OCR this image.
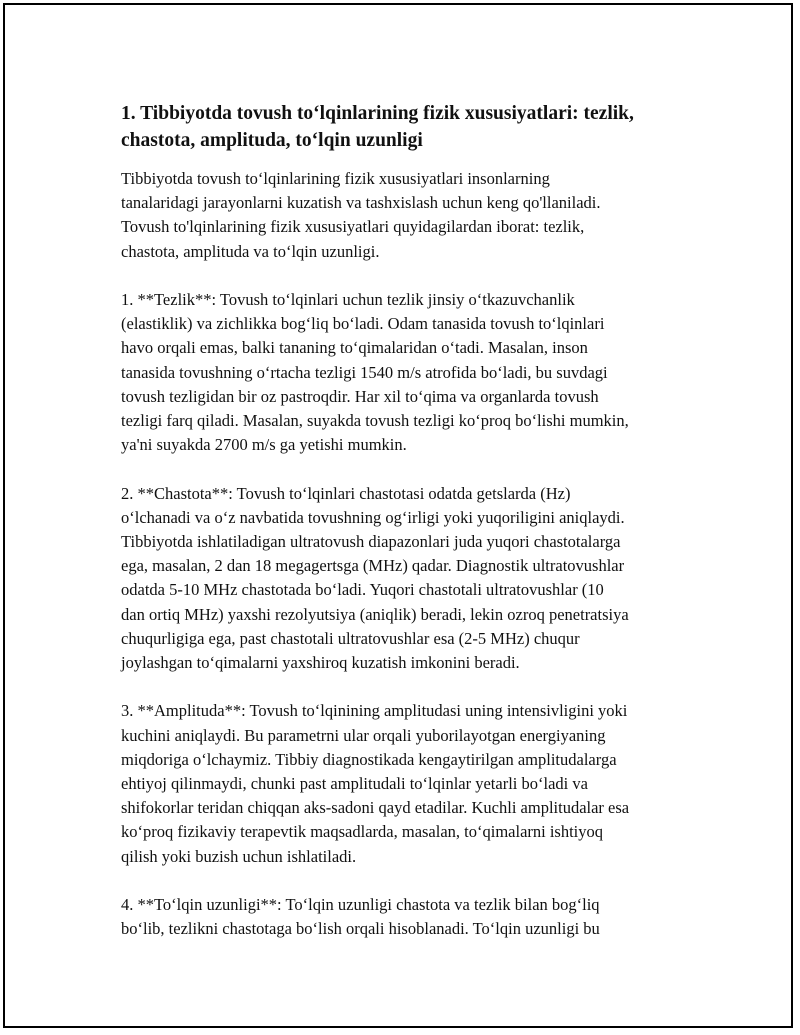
1. Tibbiyotda tovush to‘lqinlarining fizik xususiyatlari: tezlik,
chastota, amplituda, to‘lqin uzunligi

Tibbiyotda tovush to‘lqinlarining fizik xususiyatlari insonlarning
tanalaridagi jarayonlarni kuzatish va tashxislash uchun keng qo'llaniladi.
Tovush to'lqinlarining fizik xususiyatlari quyidagilardan iborat: tezlik,
chastota, amplituda va to‘lqin uzunligi.

1. **Tezlik**: Tovush to‘lqinlari uchun tezlik jinsiy o‘tkazuvchanlik
(elastiklik) va zichlikka bog‘liq bo‘ladi. Odam tanasida tovush to‘lqinlari
havo orqali emas, balki tananing to‘qimalaridan o‘tadi. Masalan, inson
tanasida tovushning o‘rtacha tezligi 1540 m/s atrofida bo‘ladi, bu suvdagi
tovush tezligidan bir oz pastroqdir. Har xil to‘qima va organlarda tovush
tezligi farq qiladi. Masalan, suyakda tovush tezligi ko‘proq bo‘lishi mumkin,
ya'ni suyakda 2700 m/s ga yetishi mumkin.

2. **Chastota**: Tovush to‘lqinlari chastotasi odatda getslarda (Hz)
o‘lchanadi va o‘z navbatida tovushning og‘irligi yoki yuqoriligini aniqlaydi.
Tibbiyotda ishlatiladigan ultratovush diapazonlari juda yuqori chastotalarga
ega, masalan, 2 dan 18 megagertsga (MHz) qadar. Diagnostik ultratovushlar
odatda 5-10 MHz chastotada bo‘ladi. Yuqori chastotali ultratovushlar (10
dan ortiq MHz) yaxshi rezolyutsiya (aniqlik) beradi, lekin ozroq penetratsiya
chuqurligiga ega, past chastotali ultratovushlar esa (2-5 MHz) chuqur
joylashgan to‘qimalarni yaxshiroq kuzatish imkonini beradi.

3. **Amplituda**: Tovush to‘lqinining amplitudasi uning intensivligini yoki
kuchini aniqlaydi. Bu parametrni ular orqali yuborilayotgan energiyaning
miqdoriga o‘lchaymiz. Tibbiy diagnostikada kengaytirilgan amplitudalarga
ehtiyoj qilinmaydi, chunki past amplitudali to‘lqinlar yetarli bo‘ladi va
shifokorlar teridan chiqqan aks-sadoni qayd etadilar. Kuchli amplitudalar esa
ko‘proq fizikaviy terapevtik maqsadlarda, masalan, to‘qimalarni ishtiyoq
qilish yoki buzish uchun ishlatiladi.

4. **To‘lqin uzunligi**: To‘lqin uzunligi chastota va tezlik bilan bog‘liq
bo‘lib, tezlikni chastotaga bo‘lish orqali hisoblanadi. To‘lqin uzunligi bu
